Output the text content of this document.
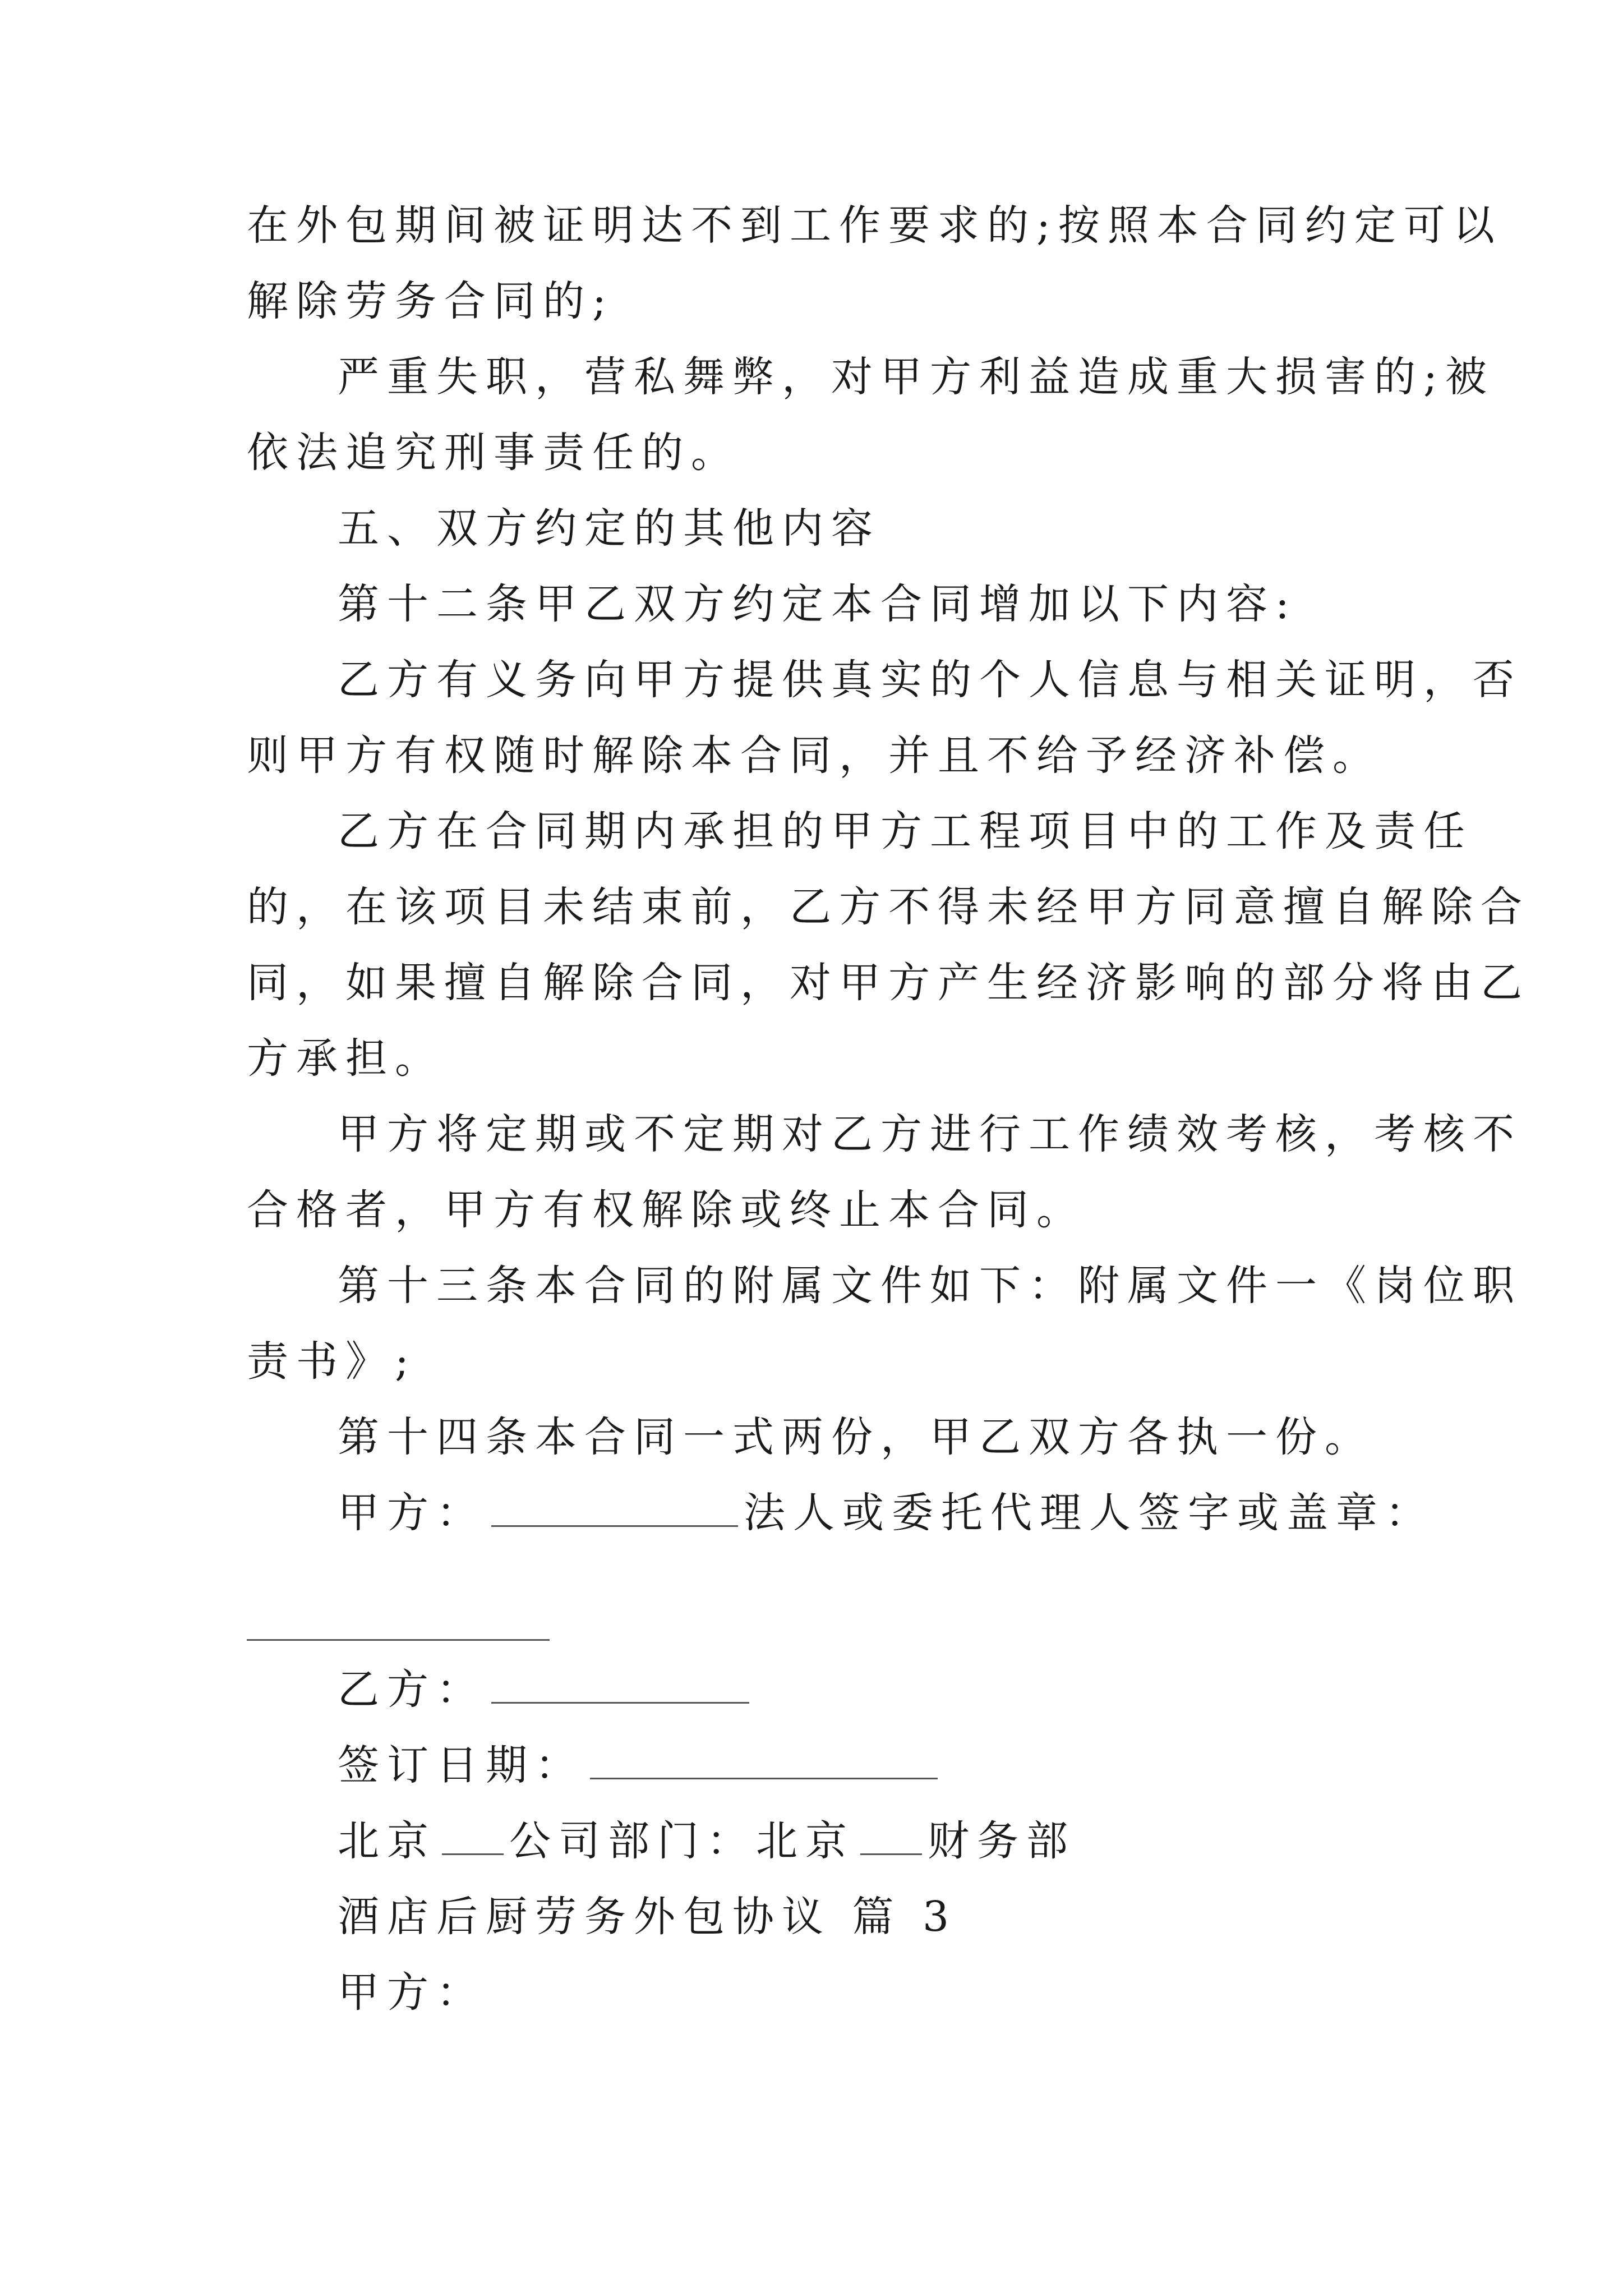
在外包期间被证明达不到工作要求的;按照本合同约定可以
解除劳务合同的;
严重失职，营私舞弊，对甲方利益造成重大损害的;被
依法追究刑事责任的。
五、双方约定的其他内容
第十二条甲乙双方约定本合同增加以下内容:
乙方有义务向甲方提供真实的个人信息与相关证明，否
则甲方有权随时解除本合同，并且不给予经济补偿。
乙方在合同期内承担的甲方工程项目中的工作及责任
的，在该项目未结束前，乙方不得未经甲方同意擅自解除合
同，如果擅自解除合同，对甲方产生经济影响的部分将由乙
方承担。
甲方将定期或不定期对乙方进行工作绩效考核，考核不
合格者，甲方有权解除或终止本合同。
第十三条本合同的附属文件如下：附属文件一《岗位职
责书》;
第十四条本合同一式两份，甲乙双方各执一份。
甲方：	法人或委托代理人签字或盖章：
乙方：
签订日期：
北京 公司部门：北京 财务部
酒店后厨劳务外包协议 篇 3
甲方：
